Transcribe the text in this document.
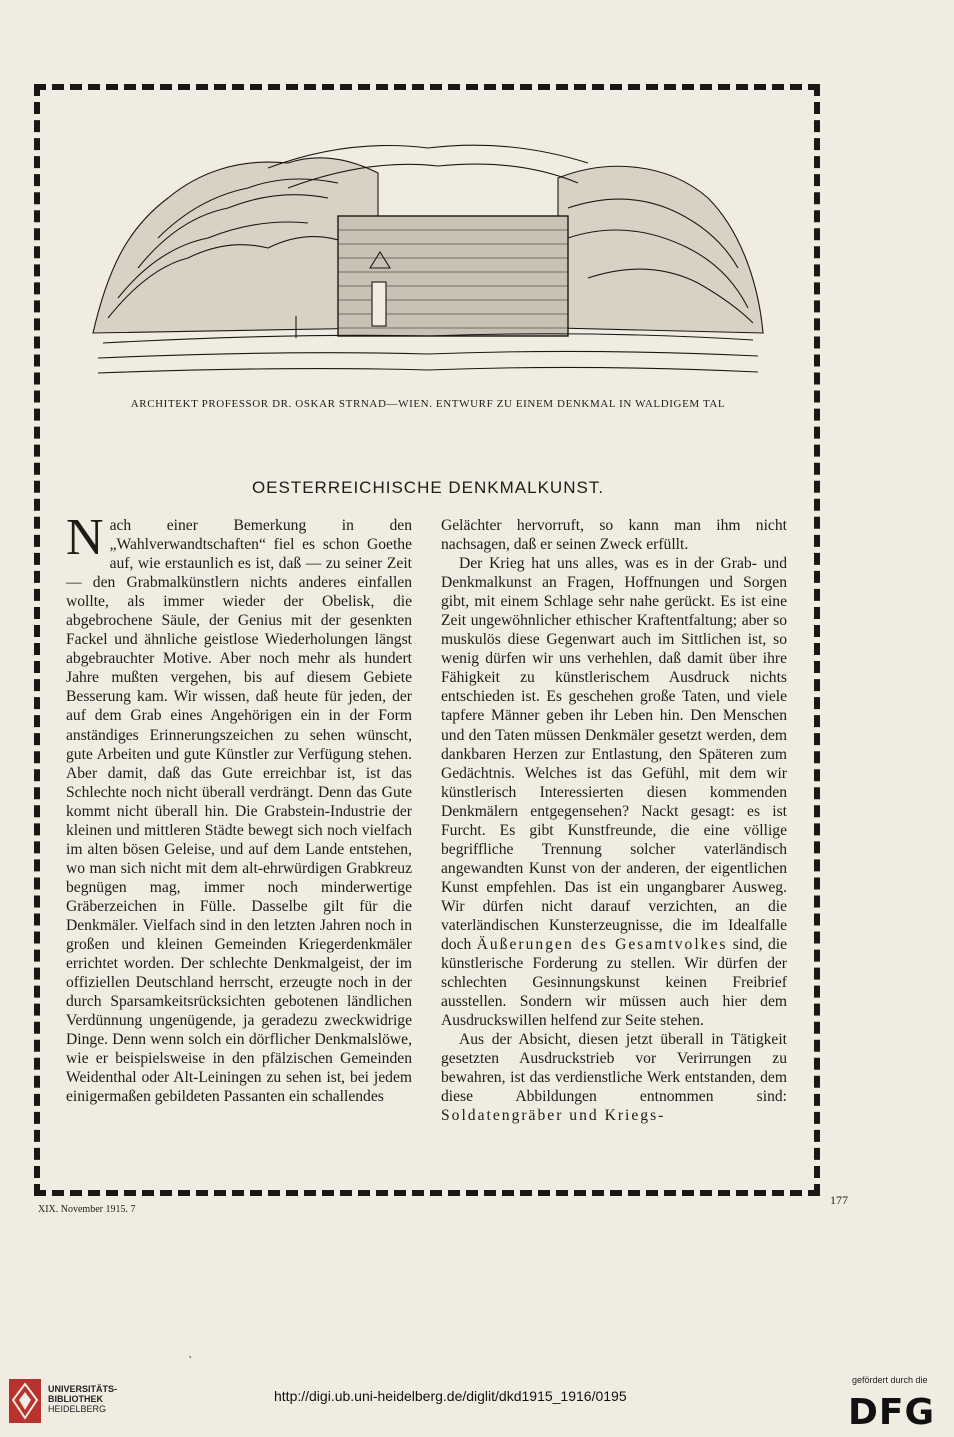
ARCHITEKT PROFESSOR DR. OSKAR STRNAD—WIEN. ENTWURF ZU EINEM DENKMAL IN WALDIGEM TAL
OESTERREICHISCHE DENKMALKUNST.

Nach einer Bemerkung in den „Wahlverwandtschaften“ fiel es schon Goethe auf, wie erstaunlich es ist, daß — zu seiner Zeit — den Grabmalkünstlern nichts anderes einfallen wollte, als immer wieder der Obelisk, die abgebrochene Säule, der Genius mit der gesenkten Fackel und ähnliche geistlose Wiederholungen längst abgebrauchter Motive. Aber noch mehr als hundert Jahre mußten vergehen, bis auf diesem Gebiete Besserung kam. Wir wissen, daß heute für jeden, der auf dem Grab eines Angehörigen ein in der Form anständiges Erinnerungszeichen zu sehen wünscht, gute Arbeiten und gute Künstler zur Verfügung stehen. Aber damit, daß das Gute erreichbar ist, ist das Schlechte noch nicht überall verdrängt. Denn das Gute kommt nicht überall hin. Die Grabstein-Industrie der kleinen und mittleren Städte bewegt sich noch vielfach im alten bösen Geleise, und auf dem Lande entstehen, wo man sich nicht mit dem alt-ehrwürdigen Grabkreuz begnügen mag, immer noch minderwertige Gräberzeichen in Fülle. Dasselbe gilt für die Denkmäler. Vielfach sind in den letzten Jahren noch in großen und kleinen Gemeinden Kriegerdenkmäler errichtet worden. Der schlechte Denkmalgeist, der im offiziellen Deutschland herrscht, erzeugte noch in der durch Sparsamkeitsrücksichten gebotenen ländlichen Verdünnung ungenügende, ja geradezu zweckwidrige Dinge. Denn wenn solch ein dörflicher Denkmalslöwe, wie er beispielsweise in den pfälzischen Gemeinden Weidenthal oder Alt-Leiningen zu sehen ist, bei jedem einigermaßen gebildeten Passanten ein schallendes

Gelächter hervorruft, so kann man ihm nicht nachsagen, daß er seinen Zweck erfüllt.

Der Krieg hat uns alles, was es in der Grab- und Denkmalkunst an Fragen, Hoffnungen und Sorgen gibt, mit einem Schlage sehr nahe gerückt. Es ist eine Zeit ungewöhnlicher ethischer Kraftentfaltung; aber so muskulös diese Gegenwart auch im Sittlichen ist, so wenig dürfen wir uns verhehlen, daß damit über ihre Fähigkeit zu künstlerischem Ausdruck nichts entschieden ist. Es geschehen große Taten, und viele tapfere Männer geben ihr Leben hin. Den Menschen und den Taten müssen Denkmäler gesetzt werden, dem dankbaren Herzen zur Entlastung, den Späteren zum Gedächtnis. Welches ist das Gefühl, mit dem wir künstlerisch Interessierten diesen kommenden Denkmälern entgegensehen? Nackt gesagt: es ist Furcht. Es gibt Kunstfreunde, die eine völlige begriffliche Trennung solcher vaterländisch angewandten Kunst von der anderen, der eigentlichen Kunst empfehlen. Das ist ein ungangbarer Ausweg. Wir dürfen nicht darauf verzichten, an die vaterländischen Kunsterzeugnisse, die im Idealfalle doch Äußerungen des Gesamtvolkes sind, die künstlerische Forderung zu stellen. Wir dürfen der schlechten Gesinnungskunst keinen Freibrief ausstellen. Sondern wir müssen auch hier dem Ausdruckswillen helfend zur Seite stehen.

Aus der Absicht, diesen jetzt überall in Tätigkeit gesetzten Ausdruckstrieb vor Verirrungen zu bewahren, ist das verdienstliche Werk entstanden, dem diese Abbildungen entnommen sind: Soldatengräber und Kriegs-

177
XIX. November 1915. 7
ˋ
UNIVERSITÄTS-
BIBLIOTHEK
HEIDELBERG
http://digi.ub.uni-heidelberg.de/diglit/dkd1915_1916/0195
gefördert durch die
DFG
